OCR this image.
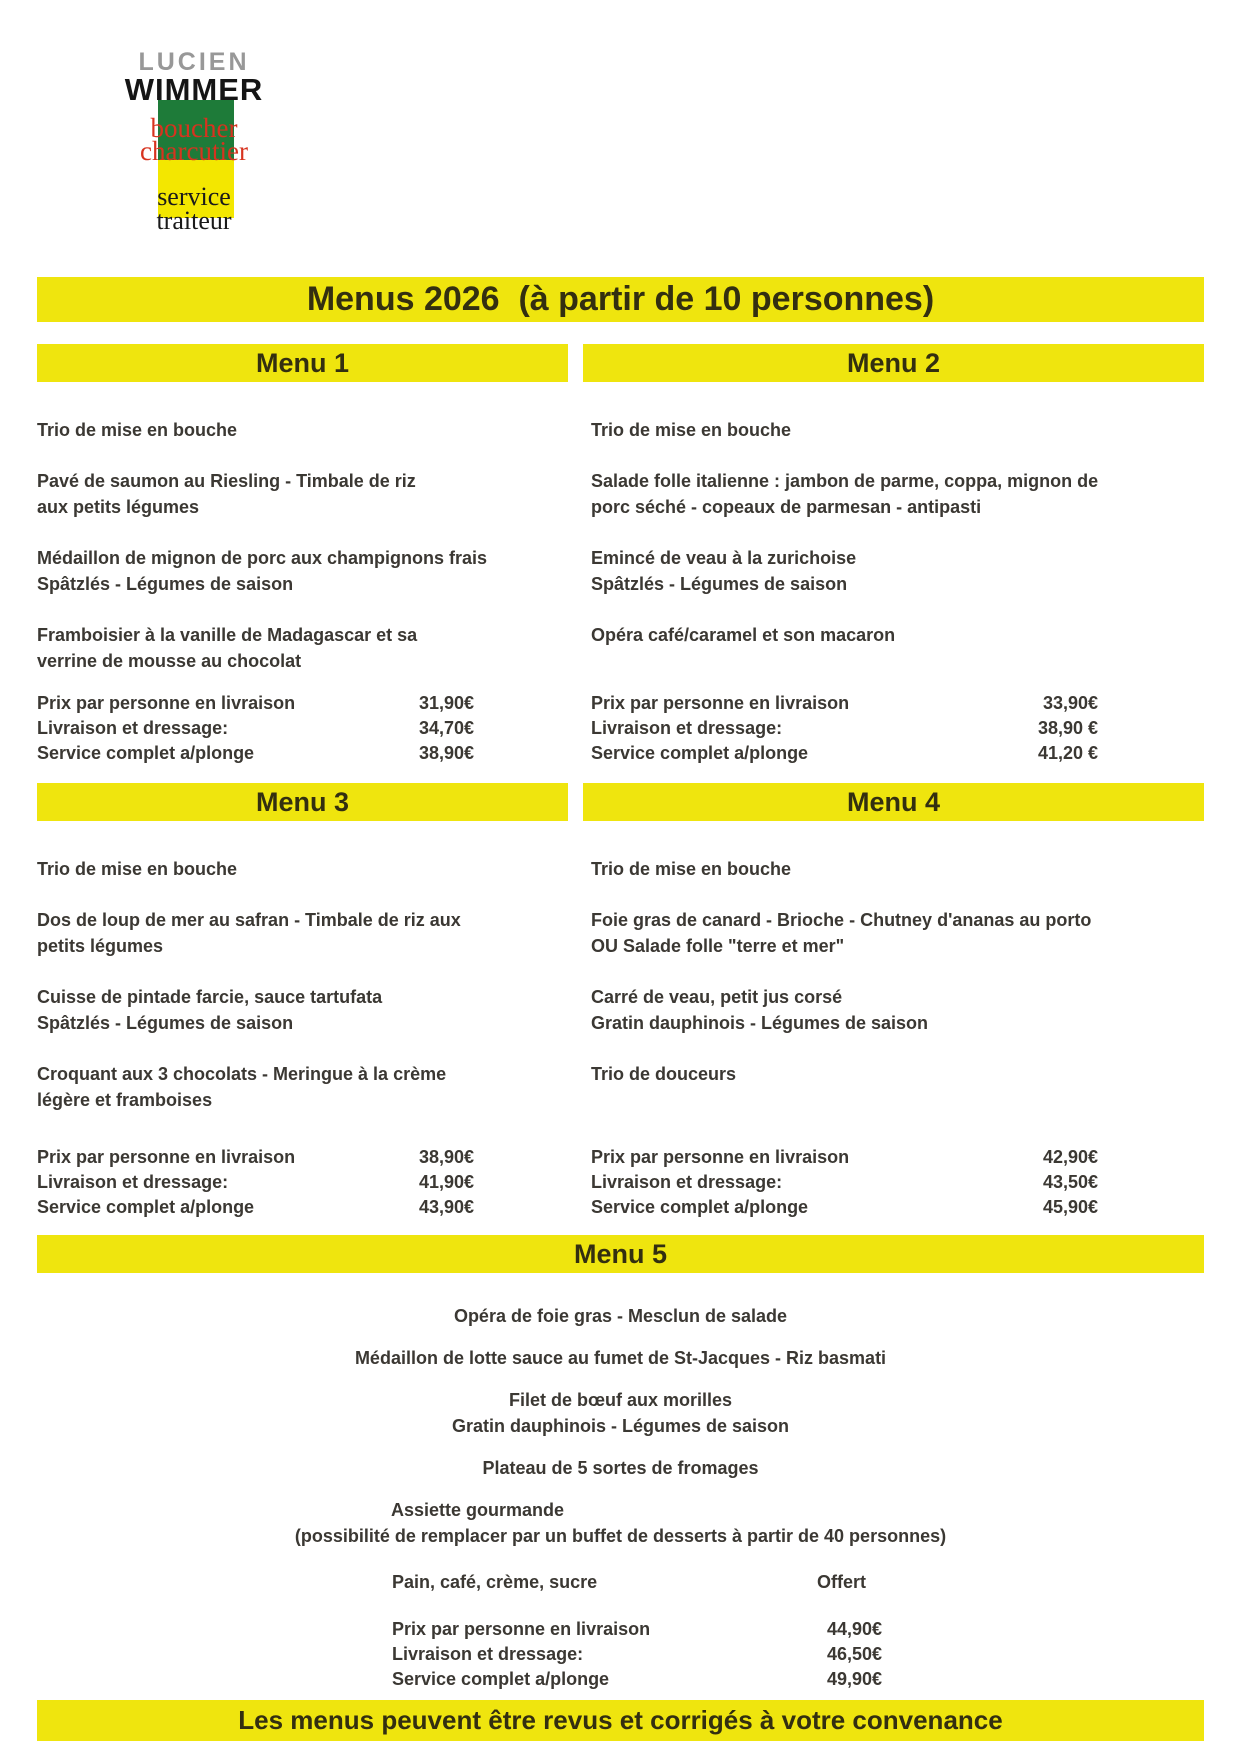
LUCIEN
WIMMER
boucher
charcutier
service
traiteur
Menus 2026  (à partir de 10 personnes)
Menu 1
Trio de mise en bouche
Pavé de saumon au Riesling - Timbale de riz
aux petits légumes
Médaillon de mignon de porc aux champignons frais
Spâtzlés - Légumes de saison
Framboisier à la vanille de Madagascar et sa
verrine de mousse au chocolat
Prix par personne en livraison	31,90€
Livraison et dressage:	34,70€
Service complet a/plonge	38,90€
Menu 2
Trio de mise en bouche
Salade folle italienne : jambon de parme, coppa, mignon de
porc séché - copeaux de parmesan - antipasti
Emincé de veau à la zurichoise
Spâtzlés - Légumes de saison
Opéra café/caramel et son macaron
Prix par personne en livraison	33,90€
Livraison et dressage:	38,90 €
Service complet a/plonge	41,20 €
Menu 3
Trio de mise en bouche
Dos de loup de mer au safran - Timbale de riz aux
petits légumes
Cuisse de pintade farcie, sauce tartufata
Spâtzlés - Légumes de saison
Croquant aux 3 chocolats - Meringue à la crème
légère et framboises
Prix par personne en livraison	38,90€
Livraison et dressage:	41,90€
Service complet a/plonge	43,90€
Menu 4
Trio de mise en bouche
Foie gras de canard - Brioche - Chutney d'ananas au porto
OU Salade folle "terre et mer"
Carré de veau, petit jus corsé
Gratin dauphinois - Légumes de saison
Trio de douceurs
Prix par personne en livraison	42,90€
Livraison et dressage:	43,50€
Service complet a/plonge	45,90€
Menu 5
Opéra de foie gras - Mesclun de salade
Médaillon de lotte sauce au fumet de St-Jacques - Riz basmati
Filet de bœuf aux morilles
Gratin dauphinois - Légumes de saison
Plateau de 5 sortes de fromages
Assiette gourmande
(possibilité de remplacer par un buffet de desserts à partir de 40 personnes)
Pain, café, crème, sucre	Offert
Prix par personne en livraison	44,90€
Livraison et dressage:	46,50€
Service complet a/plonge	49,90€
Les menus peuvent être revus et corrigés à votre convenance
